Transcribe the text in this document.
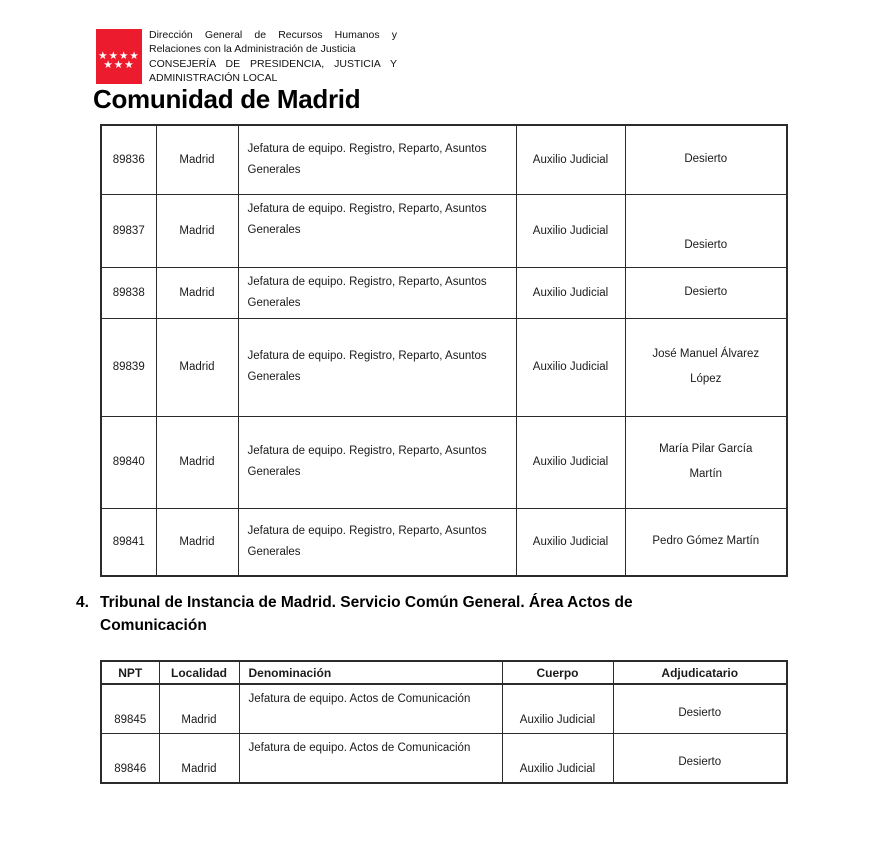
★★★★
★★★
Dirección General de Recursos Humanos y
Relaciones con la Administración de Justicia
CONSEJERÍA DE PRESIDENCIA, JUSTICIA Y
ADMINISTRACIÓN LOCAL
Comunidad de Madrid
89836	Madrid	Jefatura de equipo. Registro, Reparto, Asuntos Generales	Auxilio Judicial	Desierto
89837	Madrid	Jefatura de equipo. Registro, Reparto, Asuntos Generales	Auxilio Judicial	Desierto
89838	Madrid	Jefatura de equipo. Registro, Reparto, Asuntos Generales	Auxilio Judicial	Desierto
89839	Madrid	Jefatura de equipo. Registro, Reparto, Asuntos Generales	Auxilio Judicial	José Manuel Álvarez López
89840	Madrid	Jefatura de equipo. Registro, Reparto, Asuntos Generales	Auxilio Judicial	María Pilar García Martín
89841	Madrid	Jefatura de equipo. Registro, Reparto, Asuntos Generales	Auxilio Judicial	Pedro Gómez Martín
4. Tribunal de Instancia de Madrid. Servicio Común General. Área Actos de Comunicación
NPT	Localidad	Denominación	Cuerpo	Adjudicatario
89845	Madrid	Jefatura de equipo. Actos de Comunicación	Auxilio Judicial	Desierto
89846	Madrid	Jefatura de equipo. Actos de Comunicación	Auxilio Judicial	Desierto
